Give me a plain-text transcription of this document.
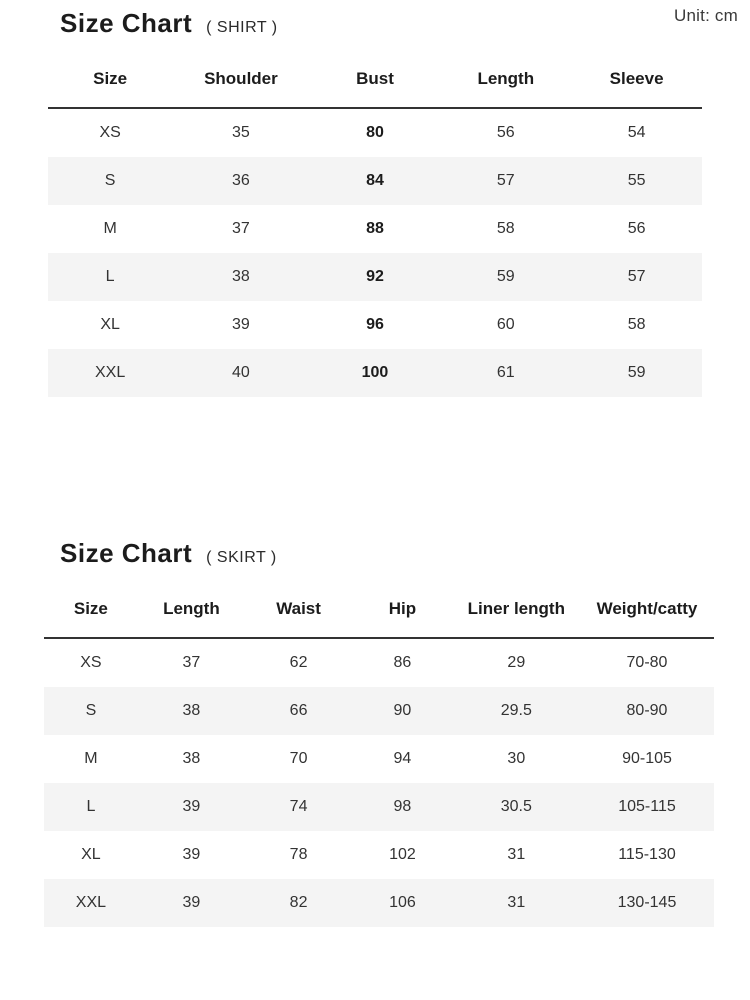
Unit: cm
Size Chart ( SHIRT )
Size	Shoulder	Bust	Length	Sleeve
XS	35	80	56	54
S	36	84	57	55
M	37	88	58	56
L	38	92	59	57
XL	39	96	60	58
XXL	40	100	61	59
Size Chart ( SKIRT )
Size	Length	Waist	Hip	Liner length	Weight/catty
XS	37	62	86	29	70-80
S	38	66	90	29.5	80-90
M	38	70	94	30	90-105
L	39	74	98	30.5	105-115
XL	39	78	102	31	115-130
XXL	39	82	106	31	130-145
